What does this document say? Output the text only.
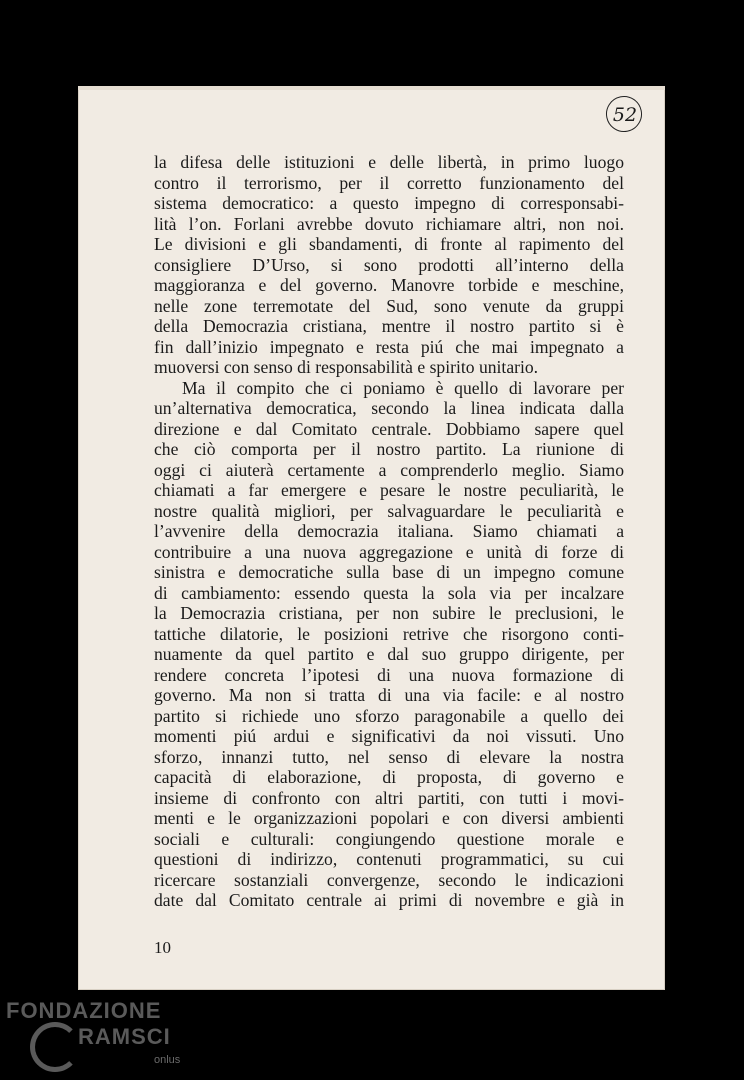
52
la difesa delle istituzioni e delle libertà, in primo luogo
contro il terrorismo, per il corretto funzionamento del
sistema democratico: a questo impegno di corresponsabi-
lità l’on. Forlani avrebbe dovuto richiamare altri, non noi.
Le divisioni e gli sbandamenti, di fronte al rapimento del
consigliere D’Urso, si sono prodotti all’interno della
maggioranza e del governo. Manovre torbide e meschine,
nelle zone terremotate del Sud, sono venute da gruppi
della Democrazia cristiana, mentre il nostro partito si è
fin dall’inizio impegnato e resta piú che mai impegnato a
muoversi con senso di responsabilità e spirito unitario.
Ma il compito che ci poniamo è quello di lavorare per
un’alternativa democratica, secondo la linea indicata dalla
direzione e dal Comitato centrale. Dobbiamo sapere quel
che ciò comporta per il nostro partito. La riunione di
oggi ci aiuterà certamente a comprenderlo meglio. Siamo
chiamati a far emergere e pesare le nostre peculiarità, le
nostre qualità migliori, per salvaguardare le peculiarità e
l’avvenire della democrazia italiana. Siamo chiamati a
contribuire a una nuova aggregazione e unità di forze di
sinistra e democratiche sulla base di un impegno comune
di cambiamento: essendo questa la sola via per incalzare
la Democrazia cristiana, per non subire le preclusioni, le
tattiche dilatorie, le posizioni retrive che risorgono conti-
nuamente da quel partito e dal suo gruppo dirigente, per
rendere concreta l’ipotesi di una nuova formazione di
governo. Ma non si tratta di una via facile: e al nostro
partito si richiede uno sforzo paragonabile a quello dei
momenti piú ardui e significativi da noi vissuti. Uno
sforzo, innanzi tutto, nel senso di elevare la nostra
capacità di elaborazione, di proposta, di governo e
insieme di confronto con altri partiti, con tutti i movi-
menti e le organizzazioni popolari e con diversi ambienti
sociali e culturali: congiungendo questione morale e
questioni di indirizzo, contenuti programmatici, su cui
ricercare sostanziali convergenze, secondo le indicazioni
date dal Comitato centrale ai primi di novembre e già in
10
FONDAZIONE
RAMSCI
onlus
